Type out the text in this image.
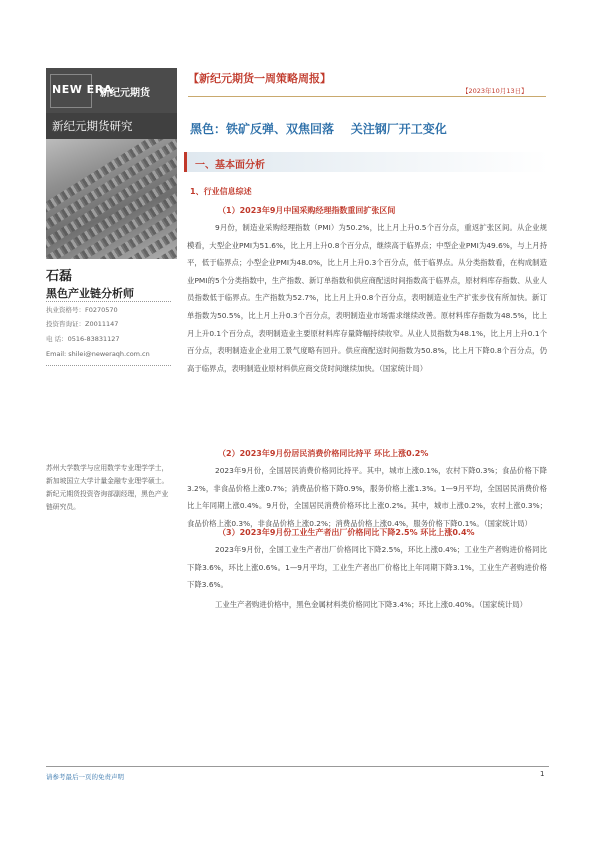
NEW ERA
新纪元期货
新纪元期货研究
石磊
黑色产业链分析师
执业资格号：F0270570
投资咨询证：Z0011147
电 话：0516-83831127
Email: shilei@neweraqh.com.cn
苏州大学数学与应用数学专业理学学士，新加坡国立大学计量金融专业理学硕士。新纪元期货投资咨询部副经理，黑色产业链研究员。
【新纪元期货一周策略周报】
【2023年10月13日】
黑色：铁矿反弹、双焦回落    关注钢厂开工变化
一、基本面分析
1、行业信息综述
（1）2023年9月中国采购经理指数重回扩张区间
9月份，制造业采购经理指数（PMI）为50.2%，比上月上升0.5个百分点，重返扩张区间。从企业规模看，大型企业PMI为51.6%，比上月上升0.8个百分点，继续高于临界点；中型企业PMI为49.6%，与上月持平，低于临界点；小型企业PMI为48.0%，比上月上升0.3个百分点，低于临界点。从分类指数看，在构成制造业PMI的5个分类指数中，生产指数、新订单指数和供应商配送时间指数高于临界点，原材料库存指数、从业人员指数低于临界点。生产指数为52.7%，比上月上升0.8个百分点，表明制造业生产扩张步伐有所加快。新订单指数为50.5%，比上月上升0.3个百分点，表明制造业市场需求继续改善。原材料库存指数为48.5%，比上月上升0.1个百分点，表明制造业主要原材料库存量降幅持续收窄。从业人员指数为48.1%，比上月上升0.1个百分点，表明制造业企业用工景气度略有回升。供应商配送时间指数为50.8%，比上月下降0.8个百分点，仍高于临界点，表明制造业原材料供应商交货时间继续加快。（国家统计局）
（2）2023年9月份居民消费价格同比持平 环比上涨0.2%
2023年9月份，全国居民消费价格同比持平。其中，城市上涨0.1%，农村下降0.3%；食品价格下降3.2%，非食品价格上涨0.7%；消费品价格下降0.9%，服务价格上涨1.3%。1—9月平均，全国居民消费价格比上年同期上涨0.4%。9月份，全国居民消费价格环比上涨0.2%。其中，城市上涨0.2%，农村上涨0.3%；食品价格上涨0.3%，非食品价格上涨0.2%；消费品价格上涨0.4%，服务价格下降0.1%。（国家统计局）
（3）2023年9月份工业生产者出厂价格同比下降2.5% 环比上涨0.4%
2023年9月份，全国工业生产者出厂价格同比下降2.5%，环比上涨0.4%；工业生产者购进价格同比下降3.6%，环比上涨0.6%。1—9月平均，工业生产者出厂价格比上年同期下降3.1%，工业生产者购进价格下降3.6%。
工业生产者购进价格中，黑色金属材料类价格同比下降3.4%；环比上涨0.40%。（国家统计局）
请参考最后一页的免责声明	1
